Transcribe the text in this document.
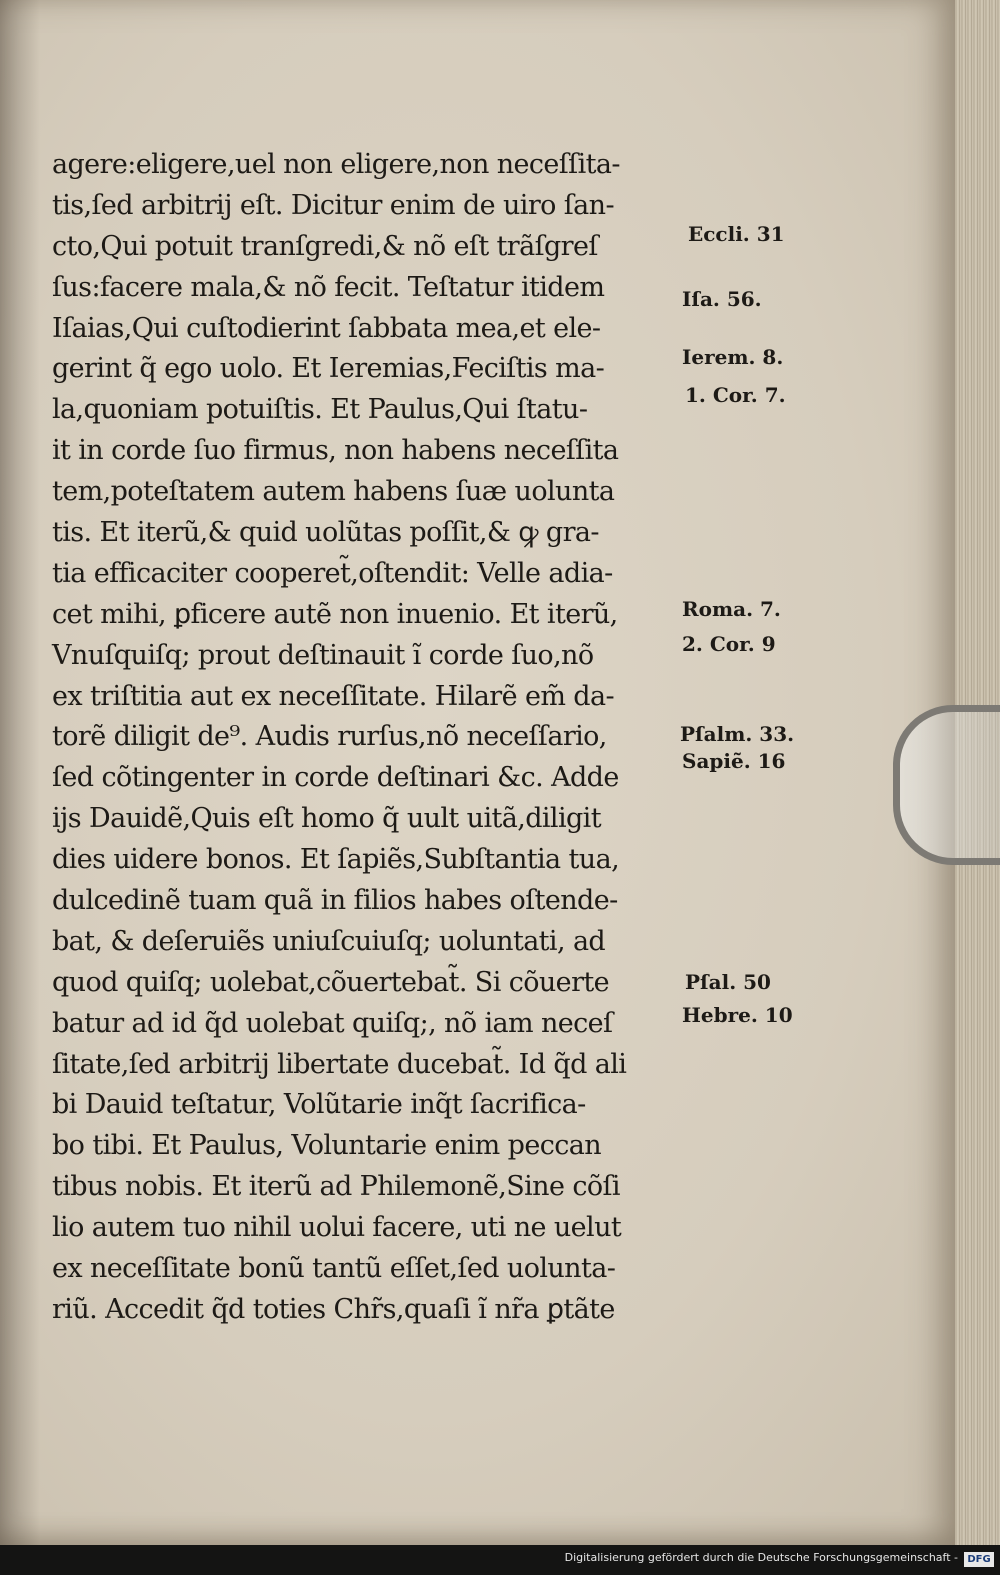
agere:eligere,uel non eligere,non neceſſita-
tis,ſed arbitrij eſt. Dicitur enim de uiro ſan-
cto,Qui potuit tranſgredi,& nõ eſt trãſgreſ
ſus:facere mala,& nõ fecit. Teſtatur itidem
Iſaias,Qui cuſtodierint ſabbata mea,et ele-
gerint q̃ ego uolo. Et Ieremias,Feciſtis ma-
la,quoniam potuiſtis. Et Paulus,Qui ſtatu-
it in corde ſuo firmus, non habens neceſſita
tem,poteſtatem autem habens ſuæ uolunta
tis. Et iterũ,& quid uolũtas poſſit,& ꝙ gra-
tia efficaciter cooperet̃,oſtendit: Velle adia-
cet mihi, ꝑficere autẽ non inuenio. Et iterũ,
Vnuſquiſq; prout deſtinauit ĩ corde ſuo,nõ
ex triſtitia aut ex neceſſitate. Hilarẽ em̃ da-
torẽ diligit de⁹. Audis rurſus,nõ neceſſario,
ſed cõtingenter in corde deſtinari &c. Adde
ijs Dauidẽ,Quis eſt homo q̃ uult uitã,diligit
dies uidere bonos. Et ſapiẽs,Subſtantia tua,
dulcedinẽ tuam quã in filios habes oſtende-
bat, & deſeruiẽs uniuſcuiuſq; uoluntati, ad
quod quiſq; uolebat,cõuertebat̃. Si cõuerte
batur ad id q̃d uolebat quiſq;, nõ iam neceſ
ſitate,ſed arbitrij libertate ducebat̃. Id q̃d ali
bi Dauid teſtatur, Volũtarie inq̃t ſacrifica-
bo tibi. Et Paulus, Voluntarie enim peccan
tibus nobis. Et iterũ ad Philemonẽ,Sine cõſi
lio autem tuo nihil uolui facere, uti ne uelut
ex neceſſitate bonũ tantũ eſſet,ſed uolunta-
riũ. Accedit q̃d toties Chr̃s,quaſi ĩ nr̃a ꝑtãte
Eccli. 31
Iſa. 56.
Ierem. 8.
1. Cor. 7.
Roma. 7.
2. Cor. 9
Pſalm. 33.
Sapiẽ. 16
Pſal. 50
Hebre. 10
Digitalisierung gefördert durch die Deutsche Forschungsgemeinschaft - DFG
